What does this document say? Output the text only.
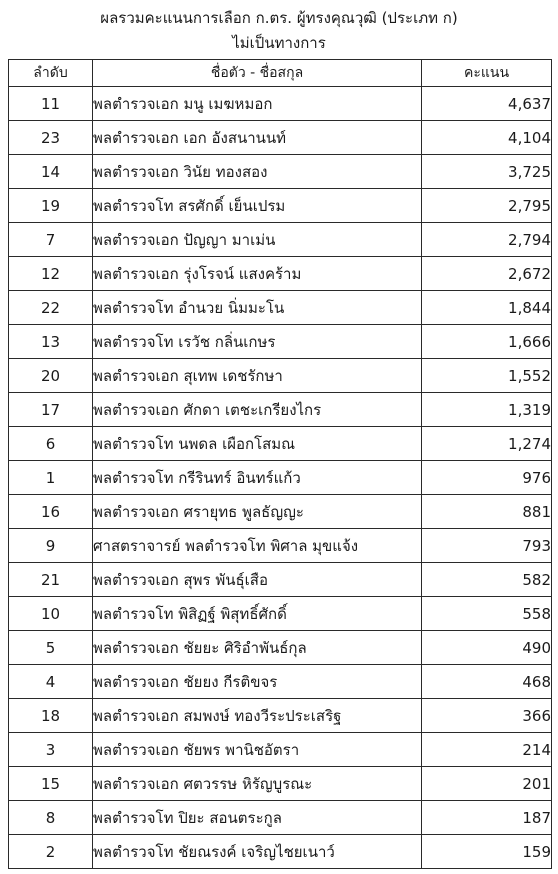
ผลรวมคะแนนการเลือก ก.ตร. ผู้ทรงคุณวุฒิ (ประเภท ก)
ไม่เป็นทางการ
ลำดับ	ชื่อตัว - ชื่อสกุล	คะแนน
11	พลตำรวจเอก มนู เมฆหมอก	4,637
23	พลตำรวจเอก เอก อังสนานนท์	4,104
14	พลตำรวจเอก วินัย ทองสอง	3,725
19	พลตำรวจโท สรศักดิ์ เย็นเปรม	2,795
7	พลตำรวจเอก ปัญญา มาเม่น	2,794
12	พลตำรวจเอก รุ่งโรจน์ แสงคร้าม	2,672
22	พลตำรวจโท อำนวย นิ่มมะโน	1,844
13	พลตำรวจโท เรวัช กลิ่นเกษร	1,666
20	พลตำรวจเอก สุเทพ เดชรักษา	1,552
17	พลตำรวจเอก ศักดา เตชะเกรียงไกร	1,319
6	พลตำรวจโท นพดล เผือกโสมณ	1,274
1	พลตำรวจโท กรีรินทร์ อินทร์แก้ว	976
16	พลตำรวจเอก ศรายุทธ พูลธัญญะ	881
9	ศาสตราจารย์ พลตำรวจโท พิศาล มุขแจ้ง	793
21	พลตำรวจเอก สุพร พันธุ์เสือ	582
10	พลตำรวจโท พิสิฏฐ์ พิสุทธิ์ศักดิ์	558
5	พลตำรวจเอก ชัยยะ ศิริอำพันธ์กุล	490
4	พลตำรวจเอก ชัยยง กีรติขจร	468
18	พลตำรวจเอก สมพงษ์ ทองวีระประเสริฐ	366
3	พลตำรวจเอก ชัยพร พานิชอัตรา	214
15	พลตำรวจเอก ศตวรรษ หิรัญบูรณะ	201
8	พลตำรวจโท ปิยะ สอนตระกูล	187
2	พลตำรวจโท ชัยณรงค์ เจริญไชยเนาว์	159
